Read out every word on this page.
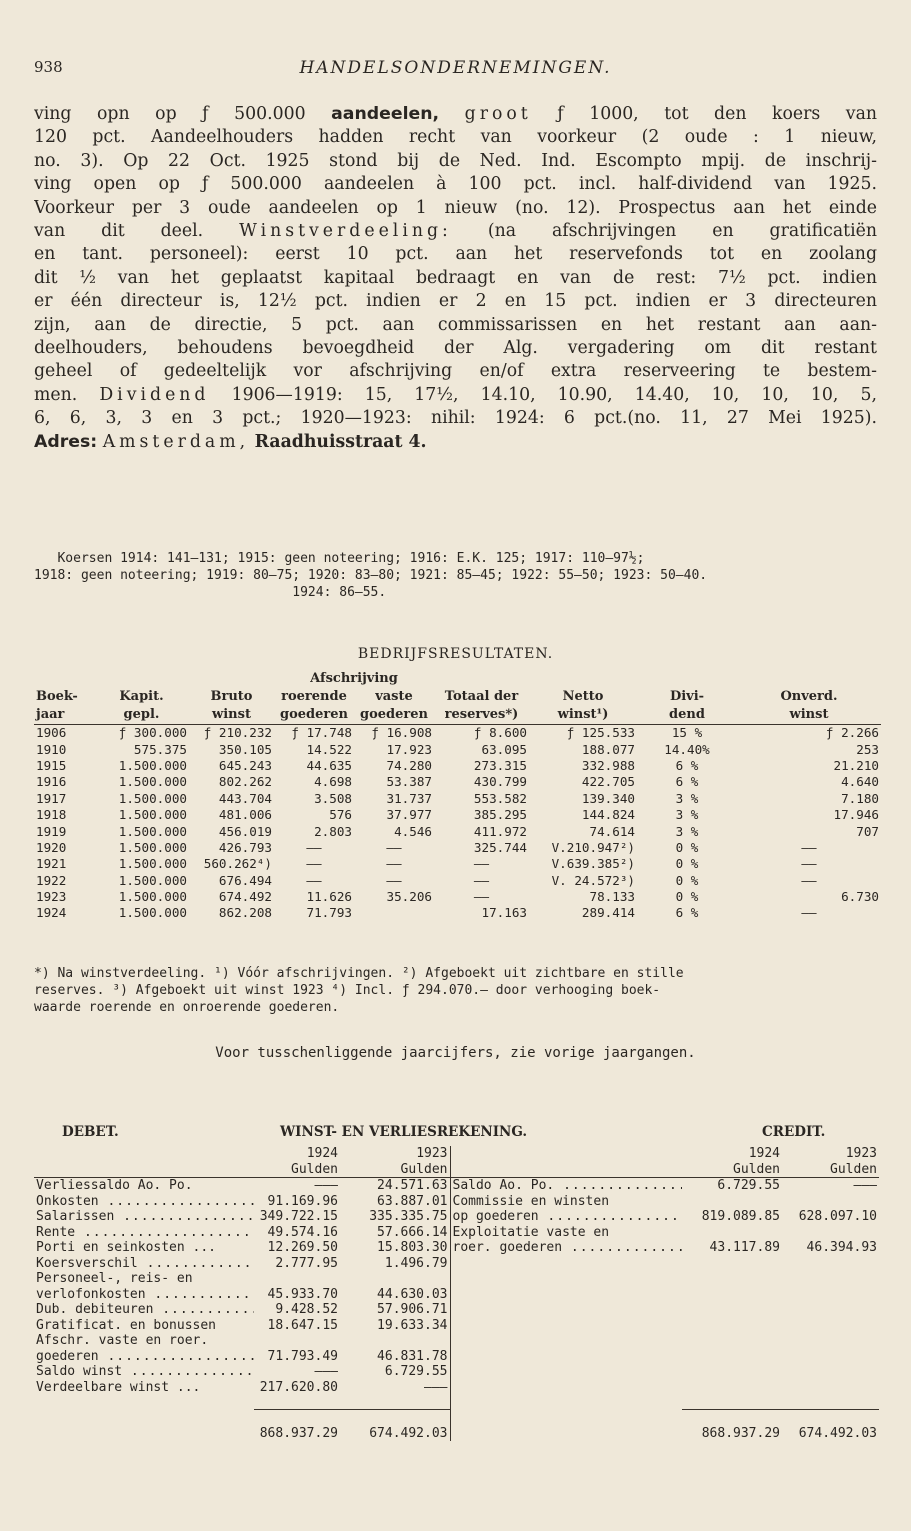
938	HANDELSONDERNEMINGEN.
ving opn op ƒ 500.000 aandeelen, groot ƒ 1000, tot den koers van
120 pct. Aandeelhouders hadden recht van voorkeur (2 oude : 1 nieuw,
no. 3). Op 22 Oct. 1925 stond bij de Ned. Ind. Escompto mpij. de inschrij-
ving open op ƒ 500.000 aandeelen à 100 pct. incl. half-dividend van 1925.
Voorkeur per 3 oude aandeelen op 1 nieuw (no. 12). Prospectus aan het einde
van dit deel. Winstverdeeling: (na afschrijvingen en gratificatiën
en tant. personeel): eerst 10 pct. aan het reservefonds tot en zoolang
dit ½ van het geplaatst kapitaal bedraagt en van de rest: 7½ pct. indien
er één directeur is, 12½ pct. indien er 2 en 15 pct. indien er 3 directeuren
zijn, aan de directie, 5 pct. aan commissarissen en het restant aan aan-
deelhouders, behoudens bevoegdheid der Alg. vergadering om dit restant
geheel of gedeeltelijk vor afschrijving en/of extra reserveering te bestem-
men. Dividend 1906—1919: 15, 17½, 14.10, 10.90, 14.40, 10, 10, 10, 5,
6, 6, 3, 3 en 3 pct.; 1920—1923: nihil: 1924: 6 pct.(no. 11, 27 Mei 1925).
Adres: Amsterdam, Raadhuisstraat 4.
Koersen 1914: 141—131; 1915: geen noteering; 1916: E.K. 125; 1917: 110—97½;
1918: geen noteering; 1919: 80—75; 1920: 83—80; 1921: 85—45; 1922: 55—50; 1923: 50—40.
1924: 86—55.
BEDRIJFSRESULTATEN.
			Afschrijving					
Boek-	Kapit.	Bruto	roerende	vaste	Totaal der	Netto	Divi-	Onverd.
jaar	gepl.	winst	goederen	goederen	reserves*)	winst¹)	dend	winst
1906	ƒ 300.000	ƒ 210.232	ƒ 17.748	ƒ 16.908	ƒ 8.600	ƒ 125.533	15 %	ƒ 2.266
1910	575.375	350.105	14.522	17.923	63.095	188.077	14.40%	253
1915	1.500.000	645.243	44.635	74.280	273.315	332.988	6 %	21.210
1916	1.500.000	802.262	4.698	53.387	430.799	422.705	6 %	4.640
1917	1.500.000	443.704	3.508	31.737	553.582	139.340	3 %	7.180
1918	1.500.000	481.006	576	37.977	385.295	144.824	3 %	17.946
1919	1.500.000	456.019	2.803	4.546	411.972	74.614	3 %	707
1920	1.500.000	426.793	——	——	325.744	V.210.947²)	0 %	——
1921	1.500.000	560.262⁴)	——	——	——	V.639.385²)	0 %	——
1922	1.500.000	676.494	——	——	——	V. 24.572³)	0 %	——
1923	1.500.000	674.492	11.626	35.206	——	78.133	0 %	6.730
1924	1.500.000	862.208	71.793		17.163	289.414	6 %	——
*) Na winstverdeeling. ¹) Vóór afschrijvingen. ²) Afgeboekt uit zichtbare en stille
reserves. ³) Afgeboekt uit winst 1923 ⁴) Incl. ƒ 294.070.— door verhooging boek-
waarde roerende en onroerende goederen.
Voor tusschenliggende jaarcijfers, zie vorige jaargangen.
DEBET.	WINST- EN VERLIESREKENING.	CREDIT.
	1924	1923		1924	1923
	Gulden	Gulden		Gulden	Gulden
Verliessaldo Ao. Po.	———	24.571.63	Saldo Ao. Po. .....	6.729.55	———
Onkosten .....	91.169.96	63.887.01	Commissie en winsten		
Salarissen .....	349.722.15	335.335.75	op goederen .....	819.089.85	628.097.10
Rente .....	49.574.16	57.666.14	Exploitatie vaste en		
Porti en seinkosten ...	12.269.50	15.803.30	roer. goederen .....	43.117.89	46.394.93
Koersverschil .....	2.777.95	1.496.79			
Personeel-, reis- en					
verlofonkosten .....	45.933.70	44.630.03			
Dub. debiteuren .....	9.428.52	57.906.71			
Gratificat. en bonussen	18.647.15	19.633.34			
Afschr. vaste en roer.					
goederen .....	71.793.49	46.831.78			
Saldo winst .....	———	6.729.55			
Verdeelbare winst ...	217.620.80	———			

	868.937.29	674.492.03		868.937.29	674.492.03
